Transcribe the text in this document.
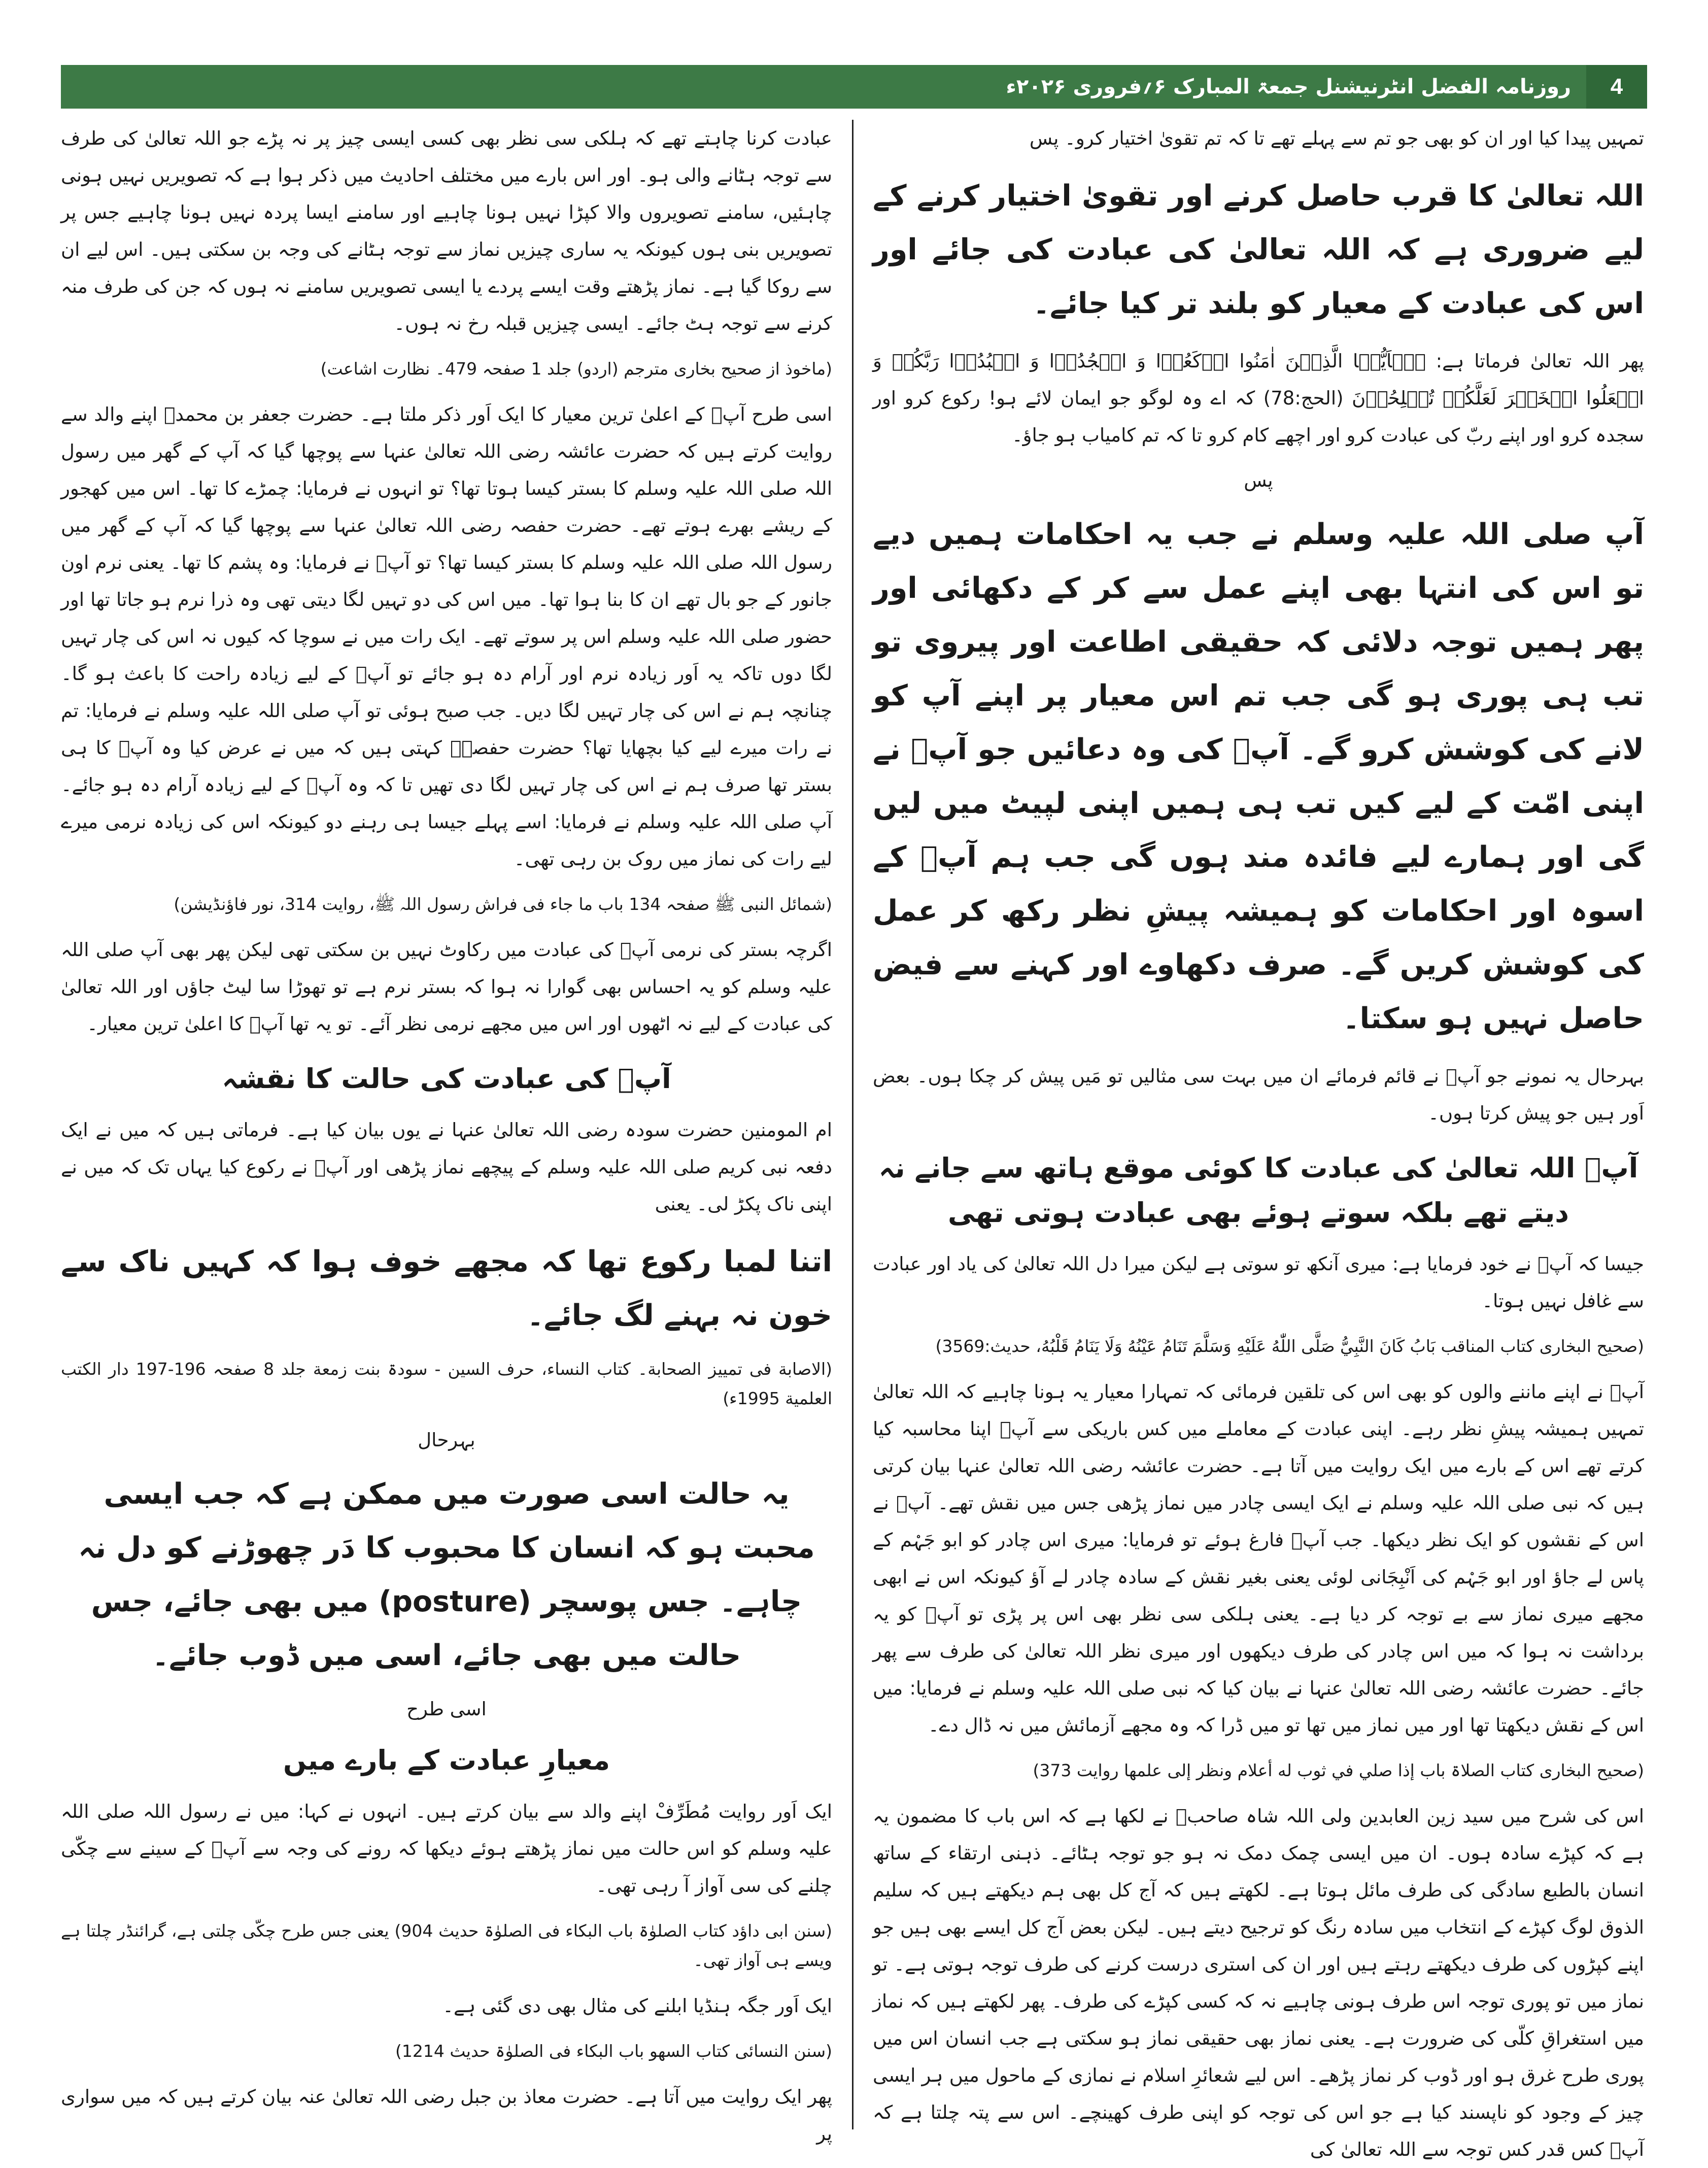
روزنامہ الفضل انٹرنیشنل جمعۃ المبارک ۶؍فروری ۲۰۲۶ء	4

تمہیں پیدا کیا اور ان کو بھی جو تم سے پہلے تھے تا کہ تم تقویٰ اختیار کرو۔ پس

اللہ تعالیٰ کا قرب حاصل کرنے اور تقویٰ اختیار کرنے کے لیے ضروری ہے کہ اللہ تعالیٰ کی عبادت کی جائے اور اس کی عبادت کے معیار کو بلند تر کیا جائے۔

پھر اللہ تعالیٰ فرماتا ہے: یٰۤاَیُّہَا الَّذِیۡنَ اٰمَنُوا ارۡکَعُوۡا وَ اسۡجُدُوۡا وَ اعۡبُدُوۡا رَبَّکُمۡ وَ افۡعَلُوا الۡخَیۡرَ لَعَلَّکُمۡ تُفۡلِحُوۡنَ (الحج:78) کہ اے وہ لوگو جو ایمان لائے ہو! رکوع کرو اور سجدہ کرو اور اپنے ربّ کی عبادت کرو اور اچھے کام کرو تا کہ تم کامیاب ہو جاؤ۔

پس

آپ صلی اللہ علیہ وسلم نے جب یہ احکامات ہمیں دیے تو اس کی انتہا بھی اپنے عمل سے کر کے دکھائی اور پھر ہمیں توجہ دلائی کہ حقیقی اطاعت اور پیروی تو تب ہی پوری ہو گی جب تم اس معیار پر اپنے آپ کو لانے کی کوشش کرو گے۔ آپؐ کی وہ دعائیں جو آپؐ نے اپنی امّت کے لیے کیں تب ہی ہمیں اپنی لپیٹ میں لیں گی اور ہمارے لیے فائدہ مند ہوں گی جب ہم آپؐ کے اسوہ اور احکامات کو ہمیشہ پیشِ نظر رکھ کر عمل کی کوشش کریں گے۔ صرف دکھاوے اور کہنے سے فیض حاصل نہیں ہو سکتا۔

بہرحال یہ نمونے جو آپؐ نے قائم فرمائے ان میں بہت سی مثالیں تو مَیں پیش کر چکا ہوں۔ بعض اَور ہیں جو پیش کرتا ہوں۔

آپؐ اللہ تعالیٰ کی عبادت کا کوئی موقع ہاتھ سے جانے نہ دیتے تھے بلکہ سوتے ہوئے بھی عبادت ہوتی تھی

جیسا کہ آپؐ نے خود فرمایا ہے: میری آنکھ تو سوتی ہے لیکن میرا دل اللہ تعالیٰ کی یاد اور عبادت سے غافل نہیں ہوتا۔

(صحیح البخاری کتاب المناقب بَابُ كَانَ النَّبِيُّ صَلَّى اللّٰهُ عَلَيْهِ وَسَلَّمَ تَنَامُ عَيْنُهُ وَلَا يَنَامُ قَلْبُهُ، حدیث:3569)

آپؐ نے اپنے ماننے والوں کو بھی اس کی تلقین فرمائی کہ تمہارا معیار یہ ہونا چاہیے کہ اللہ تعالیٰ تمہیں ہمیشہ پیشِ نظر رہے۔ اپنی عبادت کے معاملے میں کس باریکی سے آپؐ اپنا محاسبہ کیا کرتے تھے اس کے بارے میں ایک روایت میں آتا ہے۔ حضرت عائشہ رضی اللہ تعالیٰ عنہا بیان کرتی ہیں کہ نبی صلی اللہ علیہ وسلم نے ایک ایسی چادر میں نماز پڑھی جس میں نقش تھے۔ آپؐ نے اس کے نقشوں کو ایک نظر دیکھا۔ جب آپؐ فارغ ہوئے تو فرمایا: میری اس چادر کو ابو جَہْم کے پاس لے جاؤ اور ابو جَہْم کی اَنْبِجَانی لوئی یعنی بغیر نقش کے سادہ چادر لے آؤ کیونکہ اس نے ابھی مجھے میری نماز سے بے توجہ کر دیا ہے۔ یعنی ہلکی سی نظر بھی اس پر پڑی تو آپؐ کو یہ برداشت نہ ہوا کہ میں اس چادر کی طرف دیکھوں اور میری نظر اللہ تعالیٰ کی طرف سے پھر جائے۔ حضرت عائشہ رضی اللہ تعالیٰ عنہا نے بیان کیا کہ نبی صلی اللہ علیہ وسلم نے فرمایا: میں اس کے نقش دیکھتا تھا اور میں نماز میں تھا تو میں ڈرا کہ وہ مجھے آزمائش میں نہ ڈال دے۔

(صحیح البخاری کتاب الصلاۃ باب إذا صلي في ثوب له أعلام ونظر إلى علمها روایت 373)

اس کی شرح میں سید زین العابدین ولی اللہ شاہ صاحبؓ نے لکھا ہے کہ اس باب کا مضمون یہ ہے کہ کپڑے سادہ ہوں۔ ان میں ایسی چمک دمک نہ ہو جو توجہ ہٹائے۔ ذہنی ارتقاء کے ساتھ انسان بالطبع سادگی کی طرف مائل ہوتا ہے۔ لکھتے ہیں کہ آج کل بھی ہم دیکھتے ہیں کہ سلیم الذوق لوگ کپڑے کے انتخاب میں سادہ رنگ کو ترجیح دیتے ہیں۔ لیکن بعض آج کل ایسے بھی ہیں جو اپنے کپڑوں کی طرف دیکھتے رہتے ہیں اور ان کی استری درست کرنے کی طرف توجہ ہوتی ہے۔ تو نماز میں تو پوری توجہ اس طرف ہونی چاہیے نہ کہ کسی کپڑے کی طرف۔ پھر لکھتے ہیں کہ نماز میں استغراقِ کلّی کی ضرورت ہے۔ یعنی نماز بھی حقیقی نماز ہو سکتی ہے جب انسان اس میں پوری طرح غرق ہو اور ڈوب کر نماز پڑھے۔ اس لیے شعائرِ اسلام نے نمازی کے ماحول میں ہر ایسی چیز کے وجود کو ناپسند کیا ہے جو اس کی توجہ کو اپنی طرف کھینچے۔ اس سے پتہ چلتا ہے کہ آپؐ کس قدر کس توجہ سے اللہ تعالیٰ کی

عبادت کرنا چاہتے تھے کہ ہلکی سی نظر بھی کسی ایسی چیز پر نہ پڑے جو اللہ تعالیٰ کی طرف سے توجہ ہٹانے والی ہو۔ اور اس بارے میں مختلف احادیث میں ذکر ہوا ہے کہ تصویریں نہیں ہونی چاہئیں، سامنے تصویروں والا کپڑا نہیں ہونا چاہیے اور سامنے ایسا پردہ نہیں ہونا چاہیے جس پر تصویریں بنی ہوں کیونکہ یہ ساری چیزیں نماز سے توجہ ہٹانے کی وجہ بن سکتی ہیں۔ اس لیے ان سے روکا گیا ہے۔ نماز پڑھتے وقت ایسے پردے یا ایسی تصویریں سامنے نہ ہوں کہ جن کی طرف منہ کرنے سے توجہ ہٹ جائے۔ ایسی چیزیں قبلہ رخ نہ ہوں۔

(ماخوذ از صحیح بخاری مترجم (اردو) جلد 1 صفحہ 479۔ نظارت اشاعت)

اسی طرح آپؐ کے اعلیٰ ترین معیار کا ایک اَور ذکر ملتا ہے۔ حضرت جعفر بن محمدؒ اپنے والد سے روایت کرتے ہیں کہ حضرت عائشہ رضی اللہ تعالیٰ عنہا سے پوچھا گیا کہ آپ کے گھر میں رسول اللہ صلی اللہ علیہ وسلم کا بستر کیسا ہوتا تھا؟ تو انہوں نے فرمایا: چمڑے کا تھا۔ اس میں کھجور کے ریشے بھرے ہوتے تھے۔ حضرت حفصہ رضی اللہ تعالیٰ عنہا سے پوچھا گیا کہ آپ کے گھر میں رسول اللہ صلی اللہ علیہ وسلم کا بستر کیسا تھا؟ تو آپؓ نے فرمایا: وہ پشم کا تھا۔ یعنی نرم اون جانور کے جو بال تھے ان کا بنا ہوا تھا۔ میں اس کی دو تہیں لگا دیتی تھی وہ ذرا نرم ہو جاتا تھا اور حضور صلی اللہ علیہ وسلم اس پر سوتے تھے۔ ایک رات میں نے سوچا کہ کیوں نہ اس کی چار تہیں لگا دوں تاکہ یہ اَور زیادہ نرم اور آرام دہ ہو جائے تو آپؐ کے لیے زیادہ راحت کا باعث ہو گا۔ چنانچہ ہم نے اس کی چار تہیں لگا دیں۔ جب صبح ہوئی تو آپ صلی اللہ علیہ وسلم نے فرمایا: تم نے رات میرے لیے کیا بچھایا تھا؟ حضرت حفصہؓ کہتی ہیں کہ میں نے عرض کیا وہ آپؐ کا ہی بستر تھا صرف ہم نے اس کی چار تہیں لگا دی تھیں تا کہ وہ آپؐ کے لیے زیادہ آرام دہ ہو جائے۔ آپ صلی اللہ علیہ وسلم نے فرمایا: اسے پہلے جیسا ہی رہنے دو کیونکہ اس کی زیادہ نرمی میرے لیے رات کی نماز میں روک بن رہی تھی۔

(شمائل النبی ﷺ صفحہ 134 باب ما جاء فی فراش رسول اللہ ﷺ، روایت 314، نور فاؤنڈیشن)

اگرچہ بستر کی نرمی آپؐ کی عبادت میں رکاوٹ نہیں بن سکتی تھی لیکن پھر بھی آپ صلی اللہ علیہ وسلم کو یہ احساس بھی گوارا نہ ہوا کہ بستر نرم ہے تو تھوڑا سا لیٹ جاؤں اور اللہ تعالیٰ کی عبادت کے لیے نہ اٹھوں اور اس میں مجھے نرمی نظر آئے۔ تو یہ تھا آپؐ کا اعلیٰ ترین معیار۔

آپؐ کی عبادت کی حالت کا نقشہ

ام المومنین حضرت سودہ رضی اللہ تعالیٰ عنہا نے یوں بیان کیا ہے۔ فرماتی ہیں کہ میں نے ایک دفعہ نبی کریم صلی اللہ علیہ وسلم کے پیچھے نماز پڑھی اور آپؐ نے رکوع کیا یہاں تک کہ میں نے اپنی ناک پکڑ لی۔ یعنی

اتنا لمبا رکوع تھا کہ مجھے خوف ہوا کہ کہیں ناک سے خون نہ بہنے لگ جائے۔

(الاصابة فی تمییز الصحابة۔ کتاب النساء، حرف السین - سودۃ بنت زمعة جلد 8 صفحہ 196-197 دار الکتب العلمیة 1995ء)

بہرحال

یہ حالت اسی صورت میں ممکن ہے کہ جب ایسی محبت ہو کہ انسان کا محبوب کا دَر چھوڑنے کو دل نہ چاہے۔ جس پوسچر (posture) میں بھی جائے، جس حالت میں بھی جائے، اسی میں ڈوب جائے۔

اسی طرح

معیارِ عبادت کے بارے میں

ایک اَور روایت مُطَرِّفْ اپنے والد سے بیان کرتے ہیں۔ انہوں نے کہا: میں نے رسول اللہ صلی اللہ علیہ وسلم کو اس حالت میں نماز پڑھتے ہوئے دیکھا کہ رونے کی وجہ سے آپؐ کے سینے سے چکّی چلنے کی سی آواز آ رہی تھی۔

(سنن ابی داؤد کتاب الصلوٰۃ باب البکاء فی الصلوٰۃ حدیث 904) یعنی جس طرح چکّی چلتی ہے، گرائنڈر چلتا ہے ویسے ہی آواز تھی۔

ایک اَور جگہ ہنڈیا ابلنے کی مثال بھی دی گئی ہے۔

(سنن النسائی کتاب السھو باب البکاء فی الصلوٰۃ حدیث 1214)

پھر ایک روایت میں آتا ہے۔ حضرت معاذ بن جبل رضی اللہ تعالیٰ عنہ بیان کرتے ہیں کہ میں سواری پر
